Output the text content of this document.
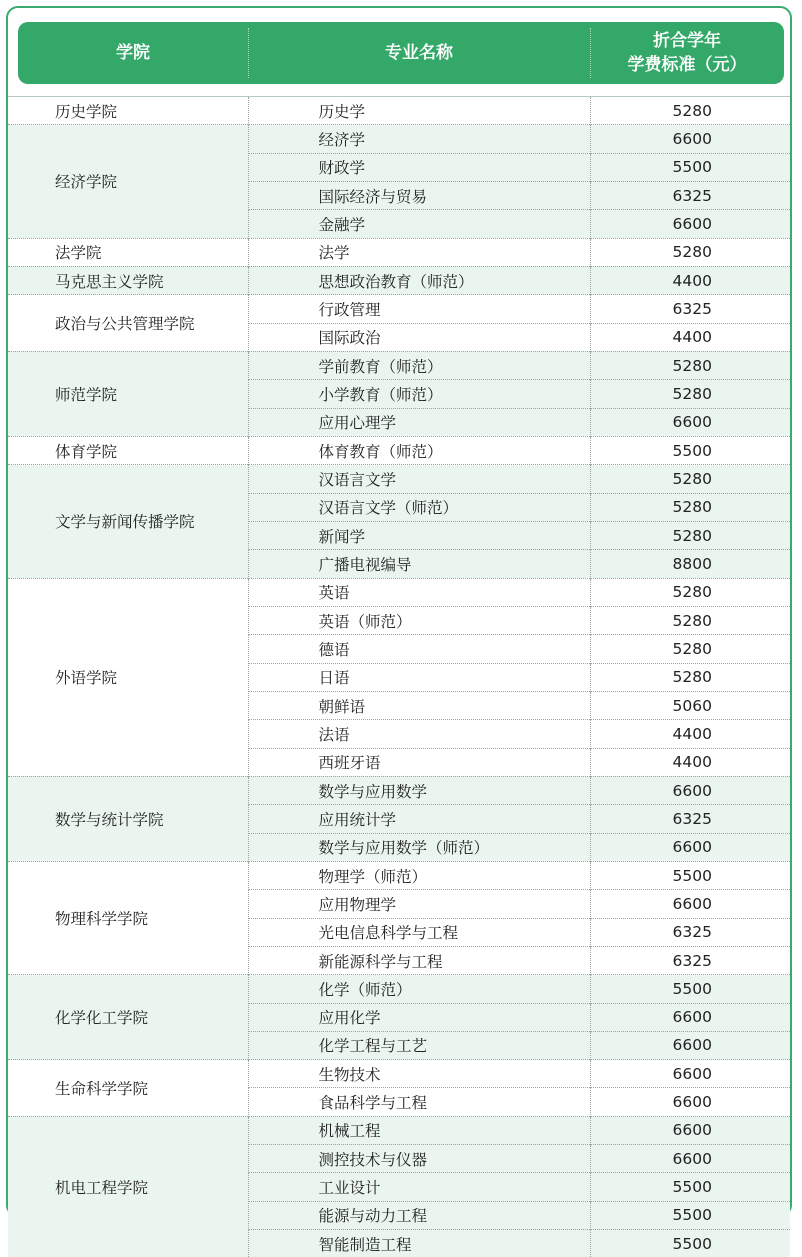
学院	专业名称
折合学年
学费标准（元）
历史学院	历史学	5280
经济学院	经济学	6600
	财政学	5500
	国际经济与贸易	6325
	金融学	6600
法学院	法学	5280
马克思主义学院	思想政治教育（师范）	4400
政治与公共管理学院	行政管理	6325
	国际政治	4400
师范学院	学前教育（师范）	5280
	小学教育（师范）	5280
	应用心理学	6600
体育学院	体育教育（师范）	5500
文学与新闻传播学院	汉语言文学	5280
	汉语言文学（师范）	5280
	新闻学	5280
	广播电视编导	8800
外语学院	英语	5280
	英语（师范）	5280
	德语	5280
	日语	5280
	朝鲜语	5060
	法语	4400
	西班牙语	4400
数学与统计学院	数学与应用数学	6600
	应用统计学	6325
	数学与应用数学（师范）	6600
物理科学学院	物理学（师范）	5500
	应用物理学	6600
	光电信息科学与工程	6325
	新能源科学与工程	6325
化学化工学院	化学（师范）	5500
	应用化学	6600
	化学工程与工艺	6600
生命科学学院	生物技术	6600
	食品科学与工程	6600
机电工程学院	机械工程	6600
	测控技术与仪器	6600
	工业设计	5500
	能源与动力工程	5500
	智能制造工程	5500
